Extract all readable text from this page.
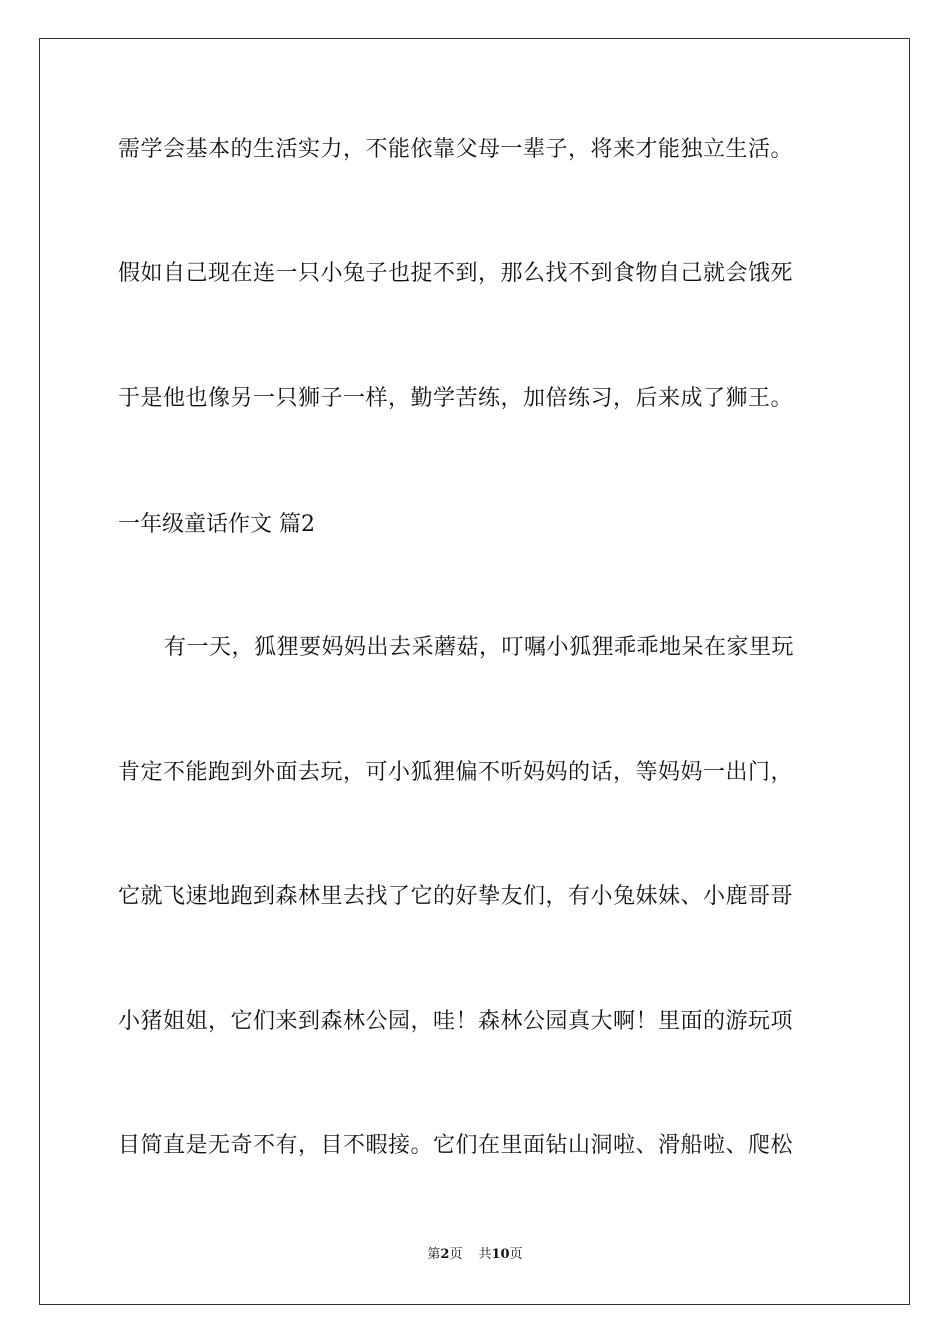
需学会基本的生活实力，不能依靠父母一辈子，将来才能独立生活。
假如自己现在连一只小兔子也捉不到，那么找不到食物自己就会饿死
于是他也像另一只狮子一样，勤学苦练，加倍练习，后来成了狮王。
一年级童话作文 篇2
有一天，狐狸要妈妈出去采蘑菇，叮嘱小狐狸乖乖地呆在家里玩
肯定不能跑到外面去玩，可小狐狸偏不听妈妈的话，等妈妈一出门，
它就飞速地跑到森林里去找了它的好挚友们，有小兔妹妹、小鹿哥哥
小猪姐姐，它们来到森林公园，哇！森林公园真大啊！里面的游玩项
目简直是无奇不有，目不暇接。它们在里面钻山洞啦、滑船啦、爬松
第2页 共10页
